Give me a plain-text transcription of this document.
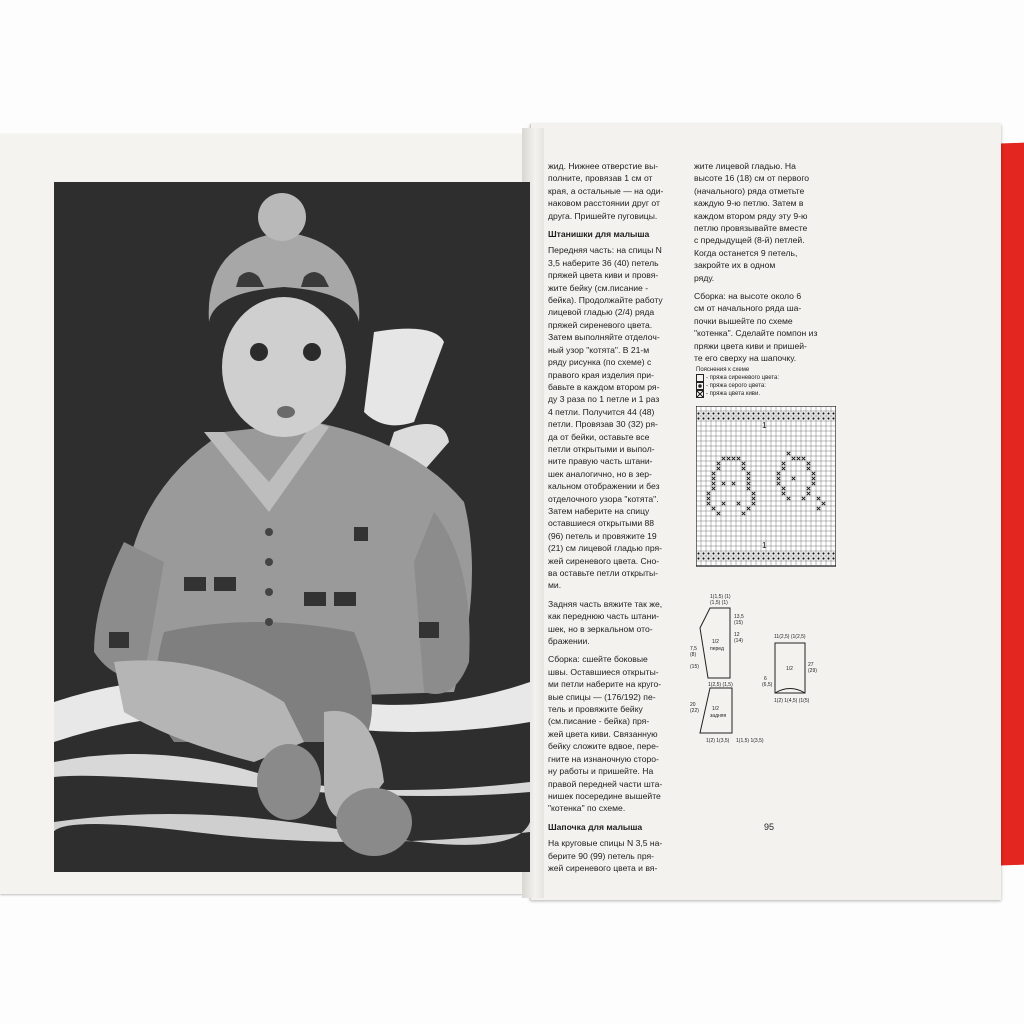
жид. Нижнее отверстие вы-
полните, провязав 1 см от
края, а остальные — на оди-
наковом расстоянии друг от
друга. Пришейте пуговицы.

Штанишки для малыша

Передняя часть: на спицы N
3,5 наберите 36 (40) петель
пряжей цвета киви и провя-
жите бейку (см.писание -
бейка). Продолжайте работу
лицевой гладью (2/4) ряда
пряжей сиреневого цвета.
Затем выполняйте отделоч-
ный узор "котята". В 21-м
ряду рисунка (по схеме) с
правого края изделия при-
бавьте в каждом втором ря-
ду 3 раза по 1 петле и 1 раз
4 петли. Получится 44 (48)
петли. Провязав 30 (32) ря-
да от бейки, оставьте все
петли открытыми и выпол-
ните правую часть штани-
шек аналогично, но в зер-
кальном отображении и без
отделочного узора "котята".
Затем наберите на спицу
оставшиеся открытыми 88
(96) петель и провяжите 19
(21) см лицевой гладью пря-
жей сиреневого цвета. Сно-
ва оставьте петли открыты-
ми.

Задняя часть вяжите так же,
как переднюю часть штани-
шек, но в зеркальном ото-
бражении.

Сборка: сшейте боковые
швы. Оставшиеся открыты-
ми петли наберите на круго-
вые спицы — (176/192) пе-
тель и провяжите бейку
(см.писание - бейка) пря-
жей цвета киви. Связанную
бейку сложите вдвое, пере-
гните на изнаночную сторо-
ну работы и пришейте. На
правой передней части шта-
нишек посередине вышейте
"котенка" по схеме.

Шапочка для малыша

На круговые спицы N 3,5 на-
берите 90 (99) петель пря-
жей сиреневого цвета и вя-

жите лицевой гладью. На
высоте 16 (18) см от первого
(начального) ряда отметьте
каждую 9-ю петлю. Затем в
каждом втором ряду эту 9-ю
петлю провязывайте вместе
с предыдущей (8-й) петлей.
Когда останется 9 петель,
закройте их в одном
ряду.

Сборка: на высоте около 6
см от начального ряда ша-
почки вышейте по схеме
"котенка". Сделайте помпон из
пряжи цвета киви и пришей-
те его сверху на шапочку.

Пояснения к схеме
- пряжа сиреневого цвета:
- пряжа серого цвета:
- пряжа цвета киви.
1
1
1(1,5) (1)
(1,5) (1)
13,5
(15)
12
(14)
7,5
(8)
1/2
перед
(15)
1(2,5) (1,5)
20
(22)	1/2
задняя
1(2) 1(3,5) 1(1,5) 1(3,5)
11(2,5) (1(2,5)
27
(29)
6
1/2
(6,5)
1(2) 1(4,5) (1(5)
95
